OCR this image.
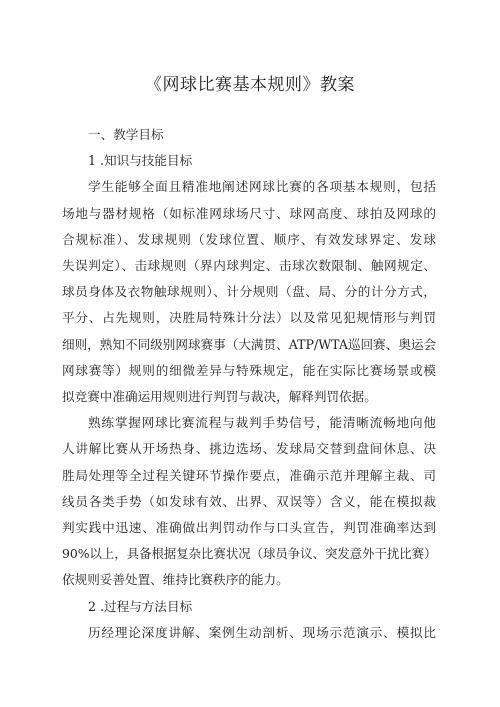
《网球比赛基本规则》教案

一、教学目标

1 .知识与技能目标

学生能够全面且精准地阐述网球比赛的各项基本规则，包括
场地与器材规格（如标准网球场尺寸、球网高度、球拍及网球的
合规标准）、发球规则（发球位置、顺序、有效发球界定、发球
失误判定）、击球规则（界内球判定、击球次数限制、触网规定、
球员身体及衣物触球规则）、计分规则（盘、局、分的计分方式，
平分、占先规则，决胜局特殊计分法）以及常见犯规情形与判罚
细则，熟知不同级别网球赛事（大满贯、ATP/WTA巡回赛、奥运会
网球赛等）规则的细微差异与特殊规定，能在实际比赛场景或模
拟竞赛中准确运用规则进行判罚与裁决，解释判罚依据。

熟练掌握网球比赛流程与裁判手势信号，能清晰流畅地向他
人讲解比赛从开场热身、挑边选场、发球局交替到盘间休息、决
胜局处理等全过程关键环节操作要点，准确示范并理解主裁、司
线员各类手势（如发球有效、出界、双误等）含义，能在模拟裁
判实践中迅速、准确做出判罚动作与口头宣告，判罚准确率达到
90%以上，具备根据复杂比赛状况（球员争议、突发意外干扰比赛）
依规则妥善处置、维持比赛秩序的能力。

2 .过程与方法目标

历经理论深度讲解、案例生动剖析、现场示范演示、模拟比
